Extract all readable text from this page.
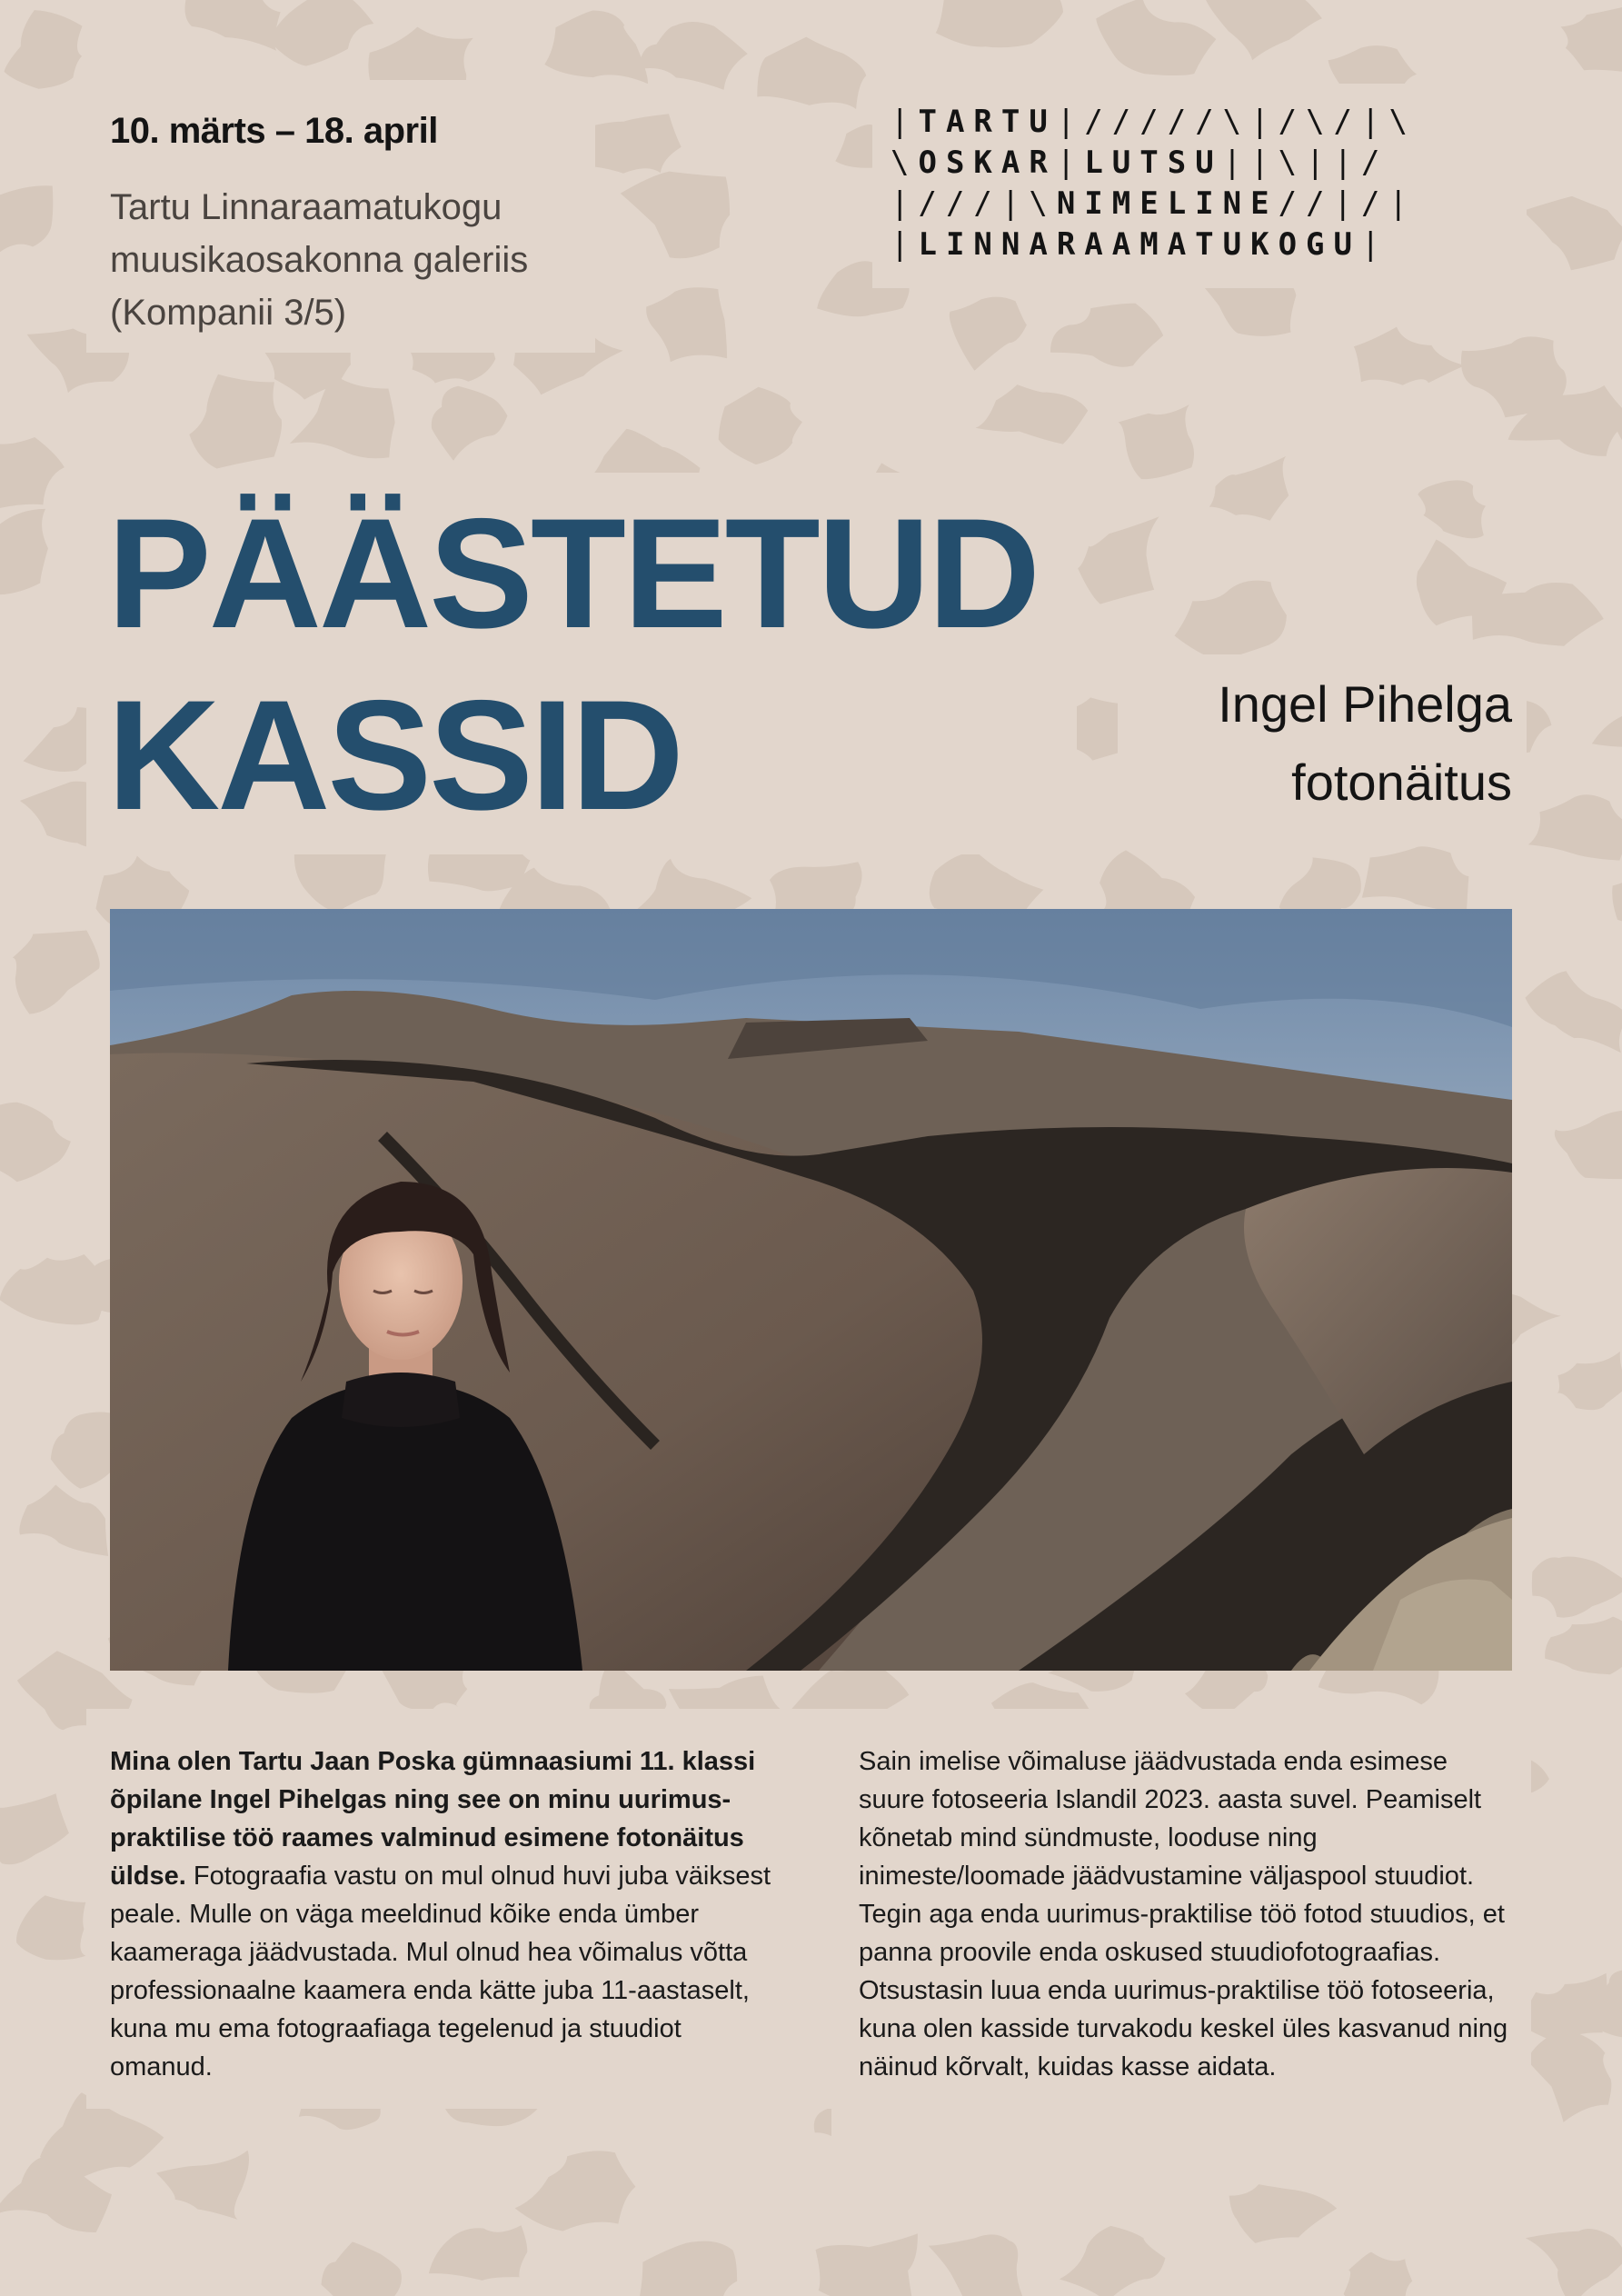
10. märts – 18. april
Tartu Linnaraamatukogu
muusikaosakonna galeriis
(Kompanii 3/5)
|TARTU|/////\|/\/|\
\OSKAR|LUTSU||\||/
|///|\NIMELINE//|/|
|LINNARAAMATUKOGU|
PÄÄSTETUD
KASSID	Ingel Pihelga
fotonäitus
Mina olen Tartu Jaan Poska gümnaasiumi 11. klassi õpilane Ingel Pihelgas ning see on minu uurimus-praktilise töö raames valminud esimene fotonäitus üldse. Fotograafia vastu on mul olnud huvi juba väiksest peale. Mulle on väga meeldinud kõike enda ümber kaameraga jäädvustada. Mul olnud hea võimalus võtta professionaalne kaamera enda kätte juba 11-aastaselt, kuna mu ema fotograafiaga tegelenud ja stuudiot omanud.
Sain imelise võimaluse jäädvustada enda esimese suure fotoseeria Islandil 2023. aasta suvel. Peamiselt kõnetab mind sündmuste, looduse ning inimeste/loomade jäädvustamine väljaspool stuudiot. Tegin aga enda uurimus-praktilise töö fotod stuudios, et panna proovile enda oskused stuudiofotograafias. Otsustasin luua enda uurimus-praktilise töö fotoseeria, kuna olen kasside turvakodu keskel üles kasvanud ning näinud kõrvalt, kuidas kasse aidata.
